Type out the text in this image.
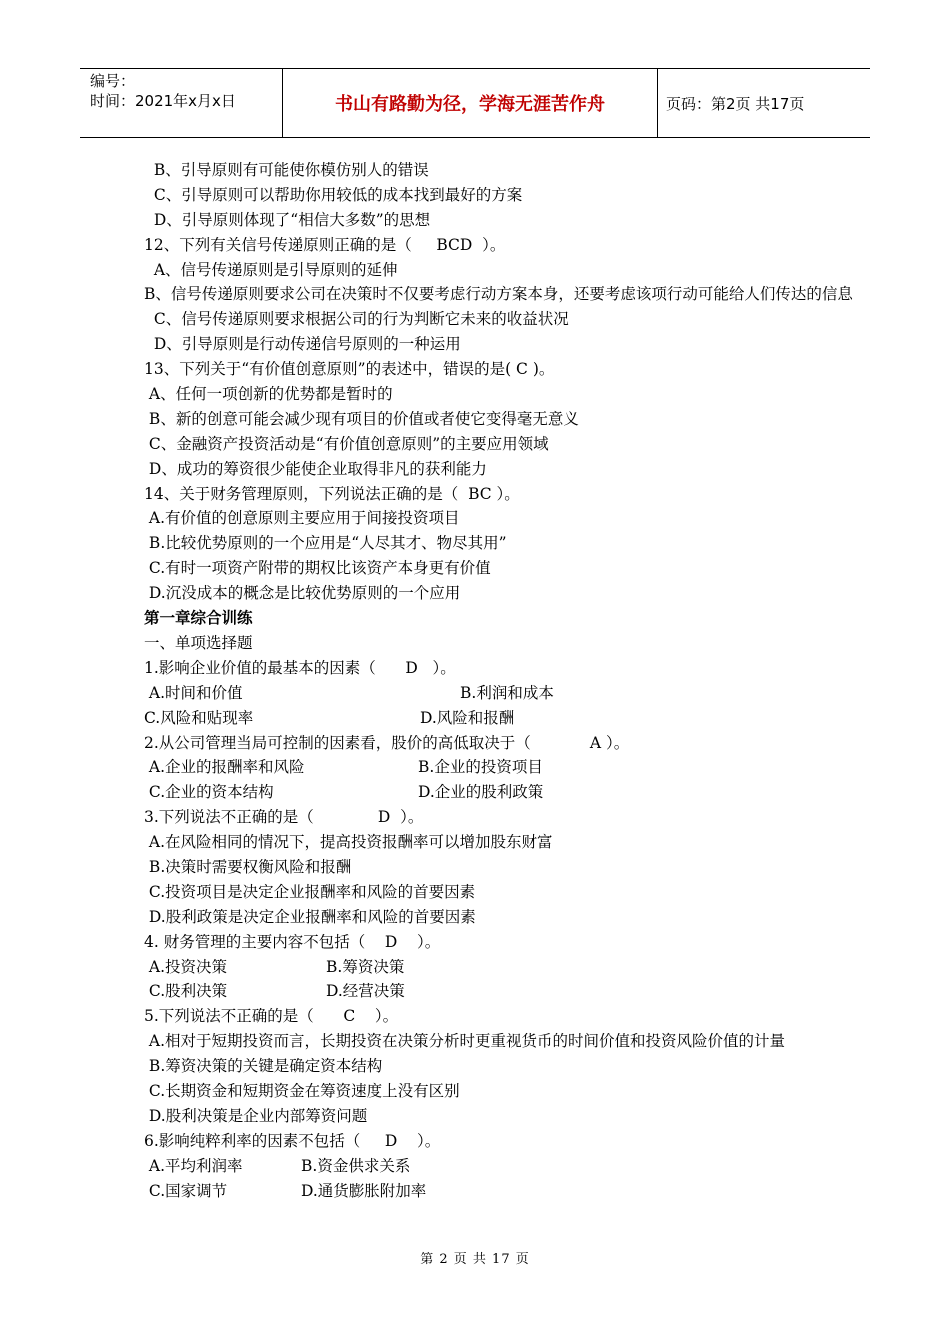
编号：
时间：2021年x月x日	书山有路勤为径，学海无涯苦作舟	页码：第2页 共17页
B、引导原则有可能使你模仿别人的错误
C、引导原则可以帮助你用较低的成本找到最好的方案
D、引导原则体现了“相信大多数”的思想
12、下列有关信号传递原则正确的是（     BCD  ）。
A、信号传递原则是引导原则的延伸
B、信号传递原则要求公司在决策时不仅要考虑行动方案本身，还要考虑该项行动可能给人们传达的信息
C、信号传递原则要求根据公司的行为判断它未来的收益状况
D、引导原则是行动传递信号原则的一种运用
13、下列关于“有价值创意原则”的表述中，错误的是( C )。
A、任何一项创新的优势都是暂时的
B、新的创意可能会减少现有项目的价值或者使它变得毫无意义
C、金融资产投资活动是“有价值创意原则”的主要应用领域
D、成功的筹资很少能使企业取得非凡的获利能力
14、关于财务管理原则，下列说法正确的是（  BC ）。
A.有价值的创意原则主要应用于间接投资项目
B.比较优势原则的一个应用是“人尽其才、物尽其用”
C.有时一项资产附带的期权比该资产本身更有价值
D.沉没成本的概念是比较优势原则的一个应用
第一章综合训练
一、单项选择题
1.影响企业价值的最基本的因素（      D   ）。
A.时间和价值	B.利润和成本
C.风险和贴现率	D.风险和报酬
2.从公司管理当局可控制的因素看，股价的高低取决于（            A ）。
A.企业的报酬率和风险	B.企业的投资项目
C.企业的资本结构	D.企业的股利政策
3.下列说法不正确的是（             D  ）。
A.在风险相同的情况下，提高投资报酬率可以增加股东财富
B.决策时需要权衡风险和报酬
C.投资项目是决定企业报酬率和风险的首要因素
D.股利政策是决定企业报酬率和风险的首要因素
4. 财务管理的主要内容不包括（    D    ）。
A.投资决策	B.筹资决策
C.股利决策	D.经营决策
5.下列说法不正确的是（      C    ）。
A.相对于短期投资而言，长期投资在决策分析时更重视货币的时间价值和投资风险价值的计量
B.筹资决策的关键是确定资本结构
C.长期资金和短期资金在筹资速度上没有区别
D.股利决策是企业内部筹资问题
6.影响纯粹利率的因素不包括（     D    ）。
A.平均利润率	B.资金供求关系
C.国家调节	D.通货膨胀附加率
第 2 页 共 17 页
